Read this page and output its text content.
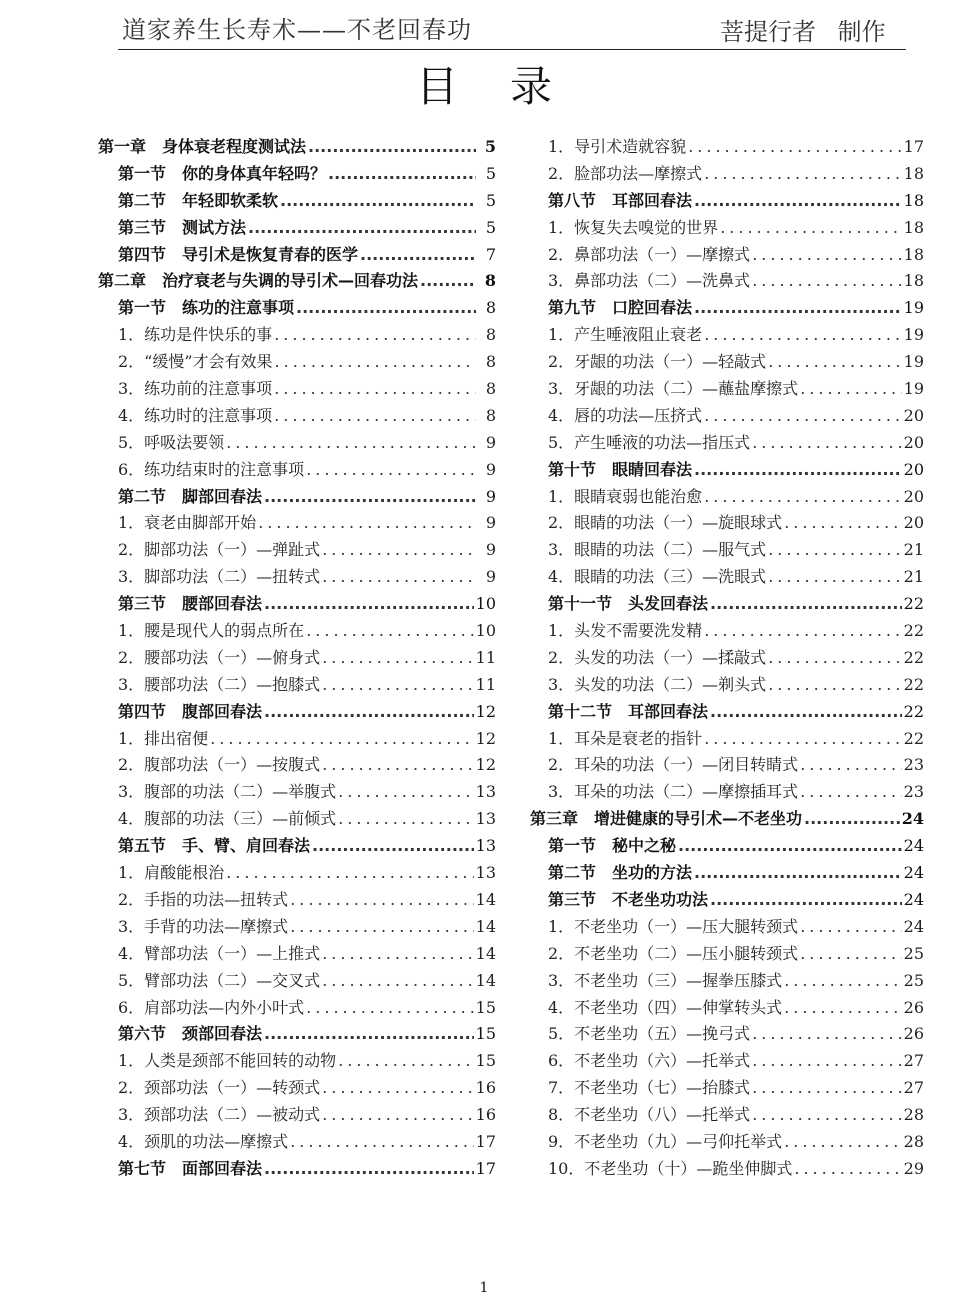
道家养生长寿术——不老回春功	菩提行者 制作
目录
第一章　身体衰老程度测试法 .....	5
第一节　你的身体真年轻吗？ .....	5
第二节　年轻即软柔软 .....	5
第三节　测试方法 .....	5
第四节　导引术是恢复青春的医学 .....	7
第二章　治疗衰老与失调的导引术—回春功法 .....	8
第一节　练功的注意事项 .....	8
1．练功是件快乐的事 .....	8
2．“缓慢”才会有效果 .....	8
3．练功前的注意事项 .....	8
4．练功时的注意事项 .....	8
5．呼吸法要领 .....	9
6．练功结束时的注意事项 .....	9
第二节　脚部回春法 .....	9
1．衰老由脚部开始 .....	9
2．脚部功法（一）—弹趾式 .....	9
3．脚部功法（二）—扭转式 .....	9
第三节　腰部回春法 .....	10
1．腰是现代人的弱点所在 .....	10
2．腰部功法（一）—俯身式 .....	11
3．腰部功法（二）—抱膝式 .....	11
第四节　腹部回春法 .....	12
1．排出宿便 .....	12
2．腹部功法（一）—按腹式 .....	12
3．腹部的功法（二）—举腹式 .....	13
4．腹部的功法（三）—前倾式 .....	13
第五节　手、臂、肩回春法 .....	13
1．肩酸能根治 .....	13
2．手指的功法—扭转式 .....	14
3．手背的功法—摩擦式 .....	14
4．臂部功法（一）—上推式 .....	14
5．臂部功法（二）—交叉式 .....	14
6．肩部功法—内外小叶式 .....	15
第六节　颈部回春法 .....	15
1．人类是颈部不能回转的动物 .....	15
2．颈部功法（一）—转颈式 .....	16
3．颈部功法（二）—被动式 .....	16
4．颈肌的功法—摩擦式 .....	17
第七节　面部回春法 .....	17
1．导引术造就容貌 .....	17
2．脸部功法—摩擦式 .....	18
第八节　耳部回春法 .....	18
1．恢复失去嗅觉的世界 .....	18
2．鼻部功法（一）—摩擦式 .....	18
3．鼻部功法（二）—洗鼻式 .....	18
第九节　口腔回春法 .....	19
1．产生唾液阻止衰老 .....	19
2．牙龈的功法（一）—轻敲式 .....	19
3．牙龈的功法（二）—蘸盐摩擦式 .....	19
4．唇的功法—压挤式 .....	20
5．产生唾液的功法—指压式 .....	20
第十节　眼睛回春法 .....	20
1．眼睛衰弱也能治愈 .....	20
2．眼睛的功法（一）—旋眼球式 .....	20
3．眼睛的功法（二）—服气式 .....	21
4．眼睛的功法（三）—洗眼式 .....	21
第十一节　头发回春法 .....	22
1．头发不需要洗发精 .....	22
2．头发的功法（一）—揉敲式 .....	22
3．头发的功法（二）—剃头式 .....	22
第十二节　耳部回春法 .....	22
1．耳朵是衰老的指针 .....	22
2．耳朵的功法（一）—闭目转睛式 .....	23
3．耳朵的功法（二）—摩擦插耳式 .....	23
第三章　增进健康的导引术—不老坐功 .....	24
第一节　秘中之秘 .....	24
第二节　坐功的方法 .....	24
第三节　不老坐功功法 .....	24
1．不老坐功（一）—压大腿转颈式 .....	24
2．不老坐功（二）—压小腿转颈式 .....	25
3．不老坐功（三）—握拳压膝式 .....	25
4．不老坐功（四）—伸掌转头式 .....	26
5．不老坐功（五）—挽弓式 .....	26
6．不老坐功（六）—托举式 .....	27
7．不老坐功（七）—抬膝式 .....	27
8．不老坐功（八）—托举式 .....	28
9．不老坐功（九）—弓仰托举式 .....	28
10．不老坐功（十）—跪坐伸脚式 .....	29
1
